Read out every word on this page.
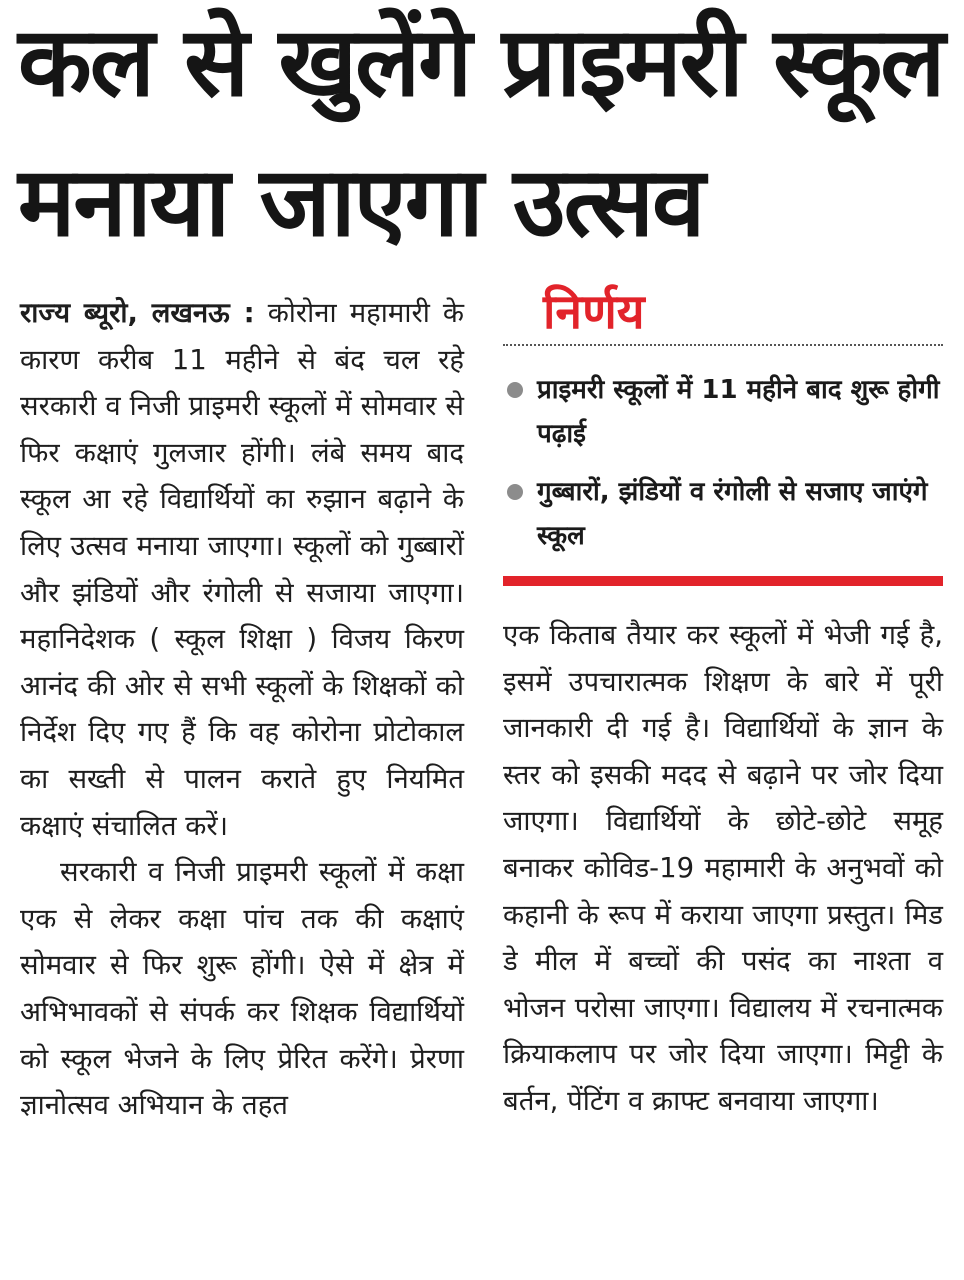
कल से खुलेंगे प्राइमरी स्कूल
मनाया जाएगा उत्सव

राज्य ब्यूरो, लखनऊ : कोरोना महामारी के कारण करीब 11 महीने से बंद चल रहे सरकारी व निजी प्राइमरी स्कूलों में सोमवार से फिर कक्षाएं गुलजार होंगी। लंबे समय बाद स्कूल आ रहे विद्यार्थियों का रुझान बढ़ाने के लिए उत्सव मनाया जाएगा। स्कूलों को गुब्बारों और झंडियों और रंगोली से सजाया जाएगा। महानिदेशक ( स्कूल शिक्षा ) विजय किरण आनंद की ओर से सभी स्कूलों के शिक्षकों को निर्देश दिए गए हैं कि वह कोरोना प्रोटोकाल का सख्ती से पालन कराते हुए नियमित कक्षाएं संचालित करें।

सरकारी व निजी प्राइमरी स्कूलों में कक्षा एक से लेकर कक्षा पांच तक की कक्षाएं सोमवार से फिर शुरू होंगी। ऐसे में क्षेत्र में अभिभावकों से संपर्क कर शिक्षक विद्यार्थियों को स्कूल भेजने के लिए प्रेरित करेंगे। प्रेरणा ज्ञानोत्सव अभियान के तहत

निर्णय
प्राइमरी स्कूलों में 11 महीने बाद शुरू होगी पढ़ाई
गुब्बारों, झंडियों व रंगोली से सजाए जाएंगे स्कूल

एक किताब तैयार कर स्कूलों में भेजी गई है, इसमें उपचारात्मक शिक्षण के बारे में पूरी जानकारी दी गई है। विद्यार्थियों के ज्ञान के स्तर को इसकी मदद से बढ़ाने पर जोर दिया जाएगा। विद्यार्थियों के छोटे-छोटे समूह बनाकर कोविड-19 महामारी के अनुभवों को कहानी के रूप में कराया जाएगा प्रस्तुत। मिड डे मील में बच्चों की पसंद का नाश्ता व भोजन परोसा जाएगा। विद्यालय में रचनात्मक क्रियाकलाप पर जोर दिया जाएगा। मिट्टी के बर्तन, पेंटिंग व क्राफ्ट बनवाया जाएगा।
